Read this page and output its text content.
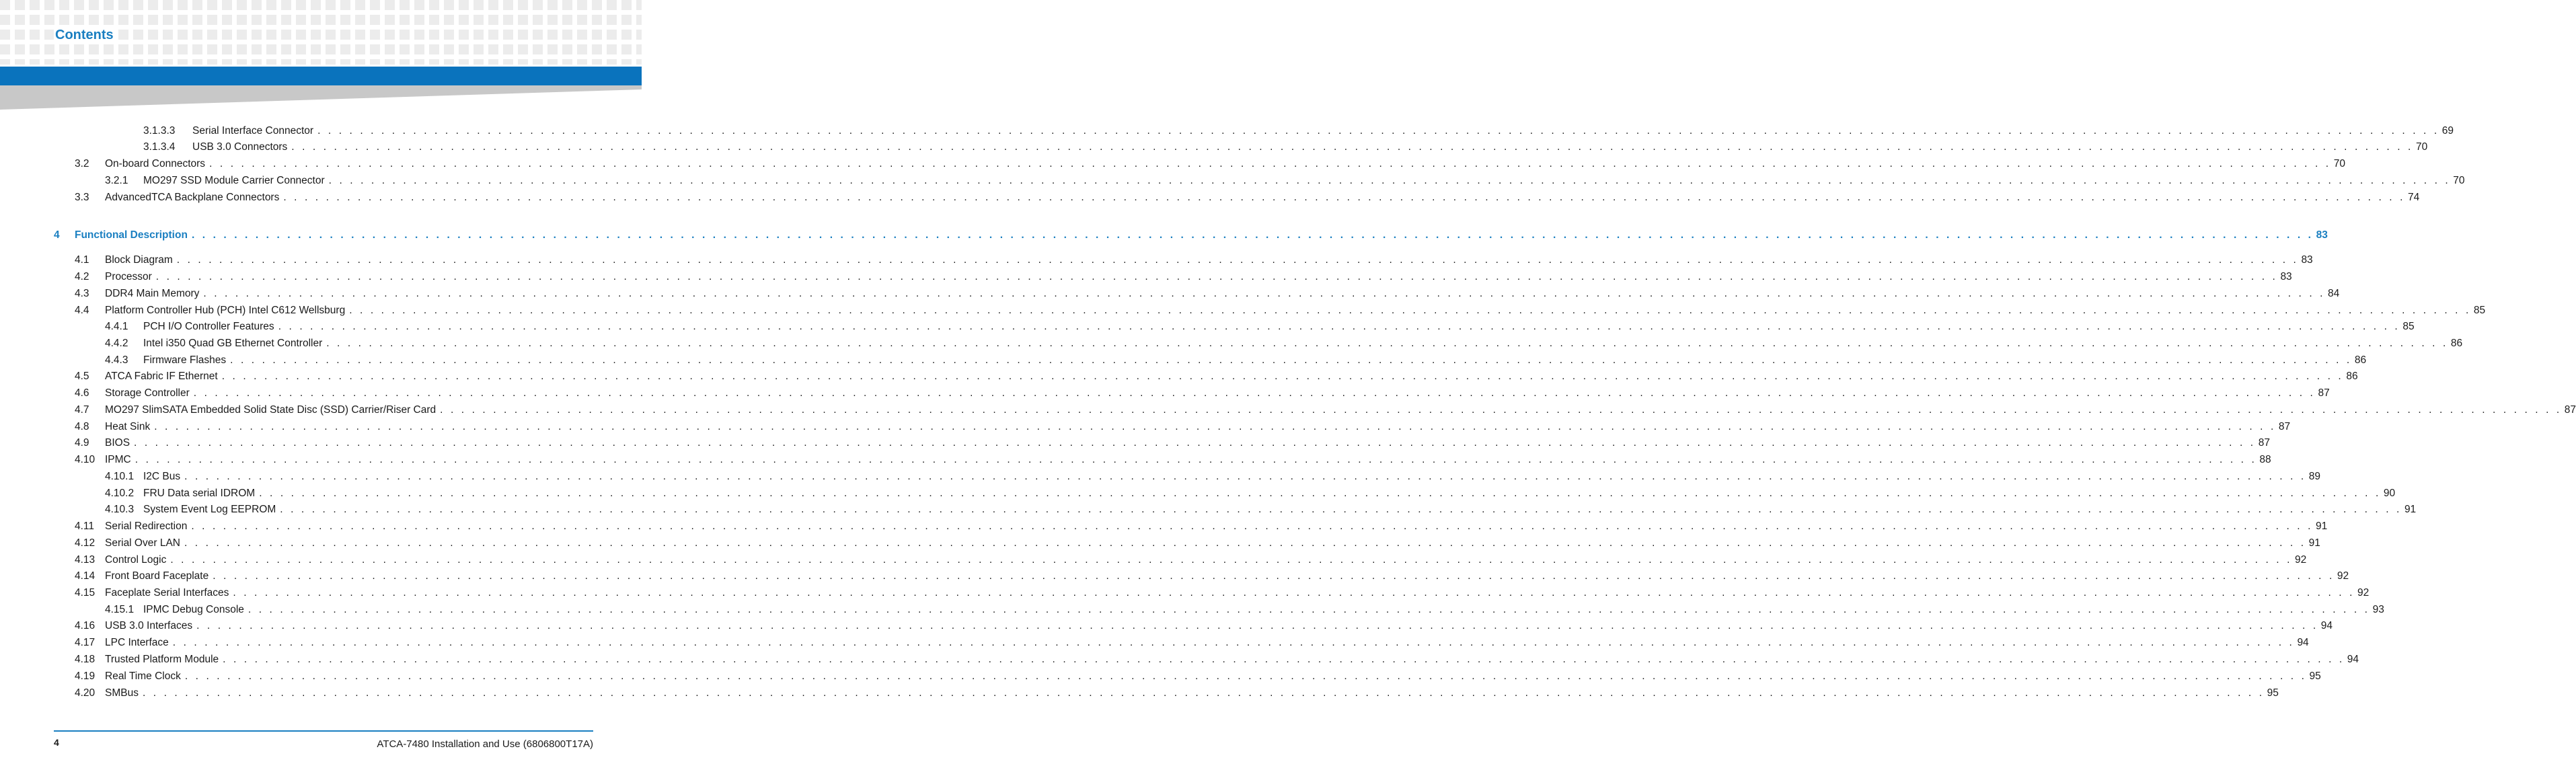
Contents
3.1.3.3 Serial Interface Connector . . . . . . . . . . . . . . . . . . . . . . . . . . . . . . . . . . . . . . . . . . . . . . . . . . . . . . . . . . . . . . . . . . . . . . . . . . . . . . . . . . . . . . . . . . . . . . . . . . . . . . . . . . . . . . . . . . . . . . . . . . . . . . . . . . . . . . . . . . . . . . . . . . . . . . . . . . . . . . . . . . . . . . . . . . . . . . . . . . . . . . . . . . . . . . . . . . . . . . . . 69
3.1.3.4 USB 3.0 Connectors . . . . . . . . . . . . . . . . . . . . . . . . . . . . . . . . . . . . . . . . . . . . . . . . . . . . . . . . . . . . . . . . . . . . . . . . . . . . . . . . . . . . . . . . . . . . . . . . . . . . . . . . . . . . . . . . . . . . . . . . . . . . . . . . . . . . . . . . . . . . . . . . . . . . . . . . . . . . . . . . . . . . . . . . . . . . . . . . . . . . . . . . . . . . . . . . . . . . . . . . 70
3.2 On-board Connectors . . . . . . . . . . . . . . . . . . . . . . . . . . . . . . . . . . . . . . . . . . . . . . . . . . . . . . . . . . . . . . . . . . . . . . . . . . . . . . . . . . . . . . . . . . . . . . . . . . . . . . . . . . . . . . . . . . . . . . . . . . . . . . . . . . . . . . . . . . . . . . . . . . . . . . . . . . . . . . . . . . . . . . . . . . . . . . . . . . . . . . . . . . . . . . . . . . . . . . . . 70
3.2.1 MO297 SSD Module Carrier Connector . . . . . . . . . . . . . . . . . . . . . . . . . . . . . . . . . . . . . . . . . . . . . . . . . . . . . . . . . . . . . . . . . . . . . . . . . . . . . . . . . . . . . . . . . . . . . . . . . . . . . . . . . . . . . . . . . . . . . . . . . . . . . . . . . . . . . . . . . . . . . . . . . . . . . . . . . . . . . . . . . . . . . . . . . . . . . . . . . . . . . . . . . . . . . . . . . . . . . . . . 70
3.3 AdvancedTCA Backplane Connectors . . . . . . . . . . . . . . . . . . . . . . . . . . . . . . . . . . . . . . . . . . . . . . . . . . . . . . . . . . . . . . . . . . . . . . . . . . . . . . . . . . . . . . . . . . . . . . . . . . . . . . . . . . . . . . . . . . . . . . . . . . . . . . . . . . . . . . . . . . . . . . . . . . . . . . . . . . . . . . . . . . . . . . . . . . . . . . . . . . . . . . . . . . . . . . . . . . . . . . . . 74
4 Functional Description . . . . . . . . . . . . . . . . . . . . . . . . . . . . . . . . . . . . . . . . . . . . . . . . . . . . . . . . . . . . . . . . . . . . . . . . . . . . . . . . . . . . . . . . . . . . . . . . . . . . . . . . . . . . . . . . . . . . . . . . . . . . . . . . . . . . . . . . . . . . . . . . . . . . . . . . . . . . . . . . . . . . . . . . . . . . . . . . . . . . . . . . . . . . . . . . . . . . . . . . 83
4.1 Block Diagram . . . . . . . . . . . . . . . . . . . . . . . . . . . . . . . . . . . . . . . . . . . . . . . . . . . . . . . . . . . . . . . . . . . . . . . . . . . . . . . . . . . . . . . . . . . . . . . . . . . . . . . . . . . . . . . . . . . . . . . . . . . . . . . . . . . . . . . . . . . . . . . . . . . . . . . . . . . . . . . . . . . . . . . . . . . . . . . . . . . . . . . . . . . . . . . . . . . . . . . . 83
4.2 Processor . . . . . . . . . . . . . . . . . . . . . . . . . . . . . . . . . . . . . . . . . . . . . . . . . . . . . . . . . . . . . . . . . . . . . . . . . . . . . . . . . . . . . . . . . . . . . . . . . . . . . . . . . . . . . . . . . . . . . . . . . . . . . . . . . . . . . . . . . . . . . . . . . . . . . . . . . . . . . . . . . . . . . . . . . . . . . . . . . . . . . . . . . . . . . . . . . . . . . . . . 83
4.3 DDR4 Main Memory . . . . . . . . . . . . . . . . . . . . . . . . . . . . . . . . . . . . . . . . . . . . . . . . . . . . . . . . . . . . . . . . . . . . . . . . . . . . . . . . . . . . . . . . . . . . . . . . . . . . . . . . . . . . . . . . . . . . . . . . . . . . . . . . . . . . . . . . . . . . . . . . . . . . . . . . . . . . . . . . . . . . . . . . . . . . . . . . . . . . . . . . . . . . . . . . . . . . . . . . 84
4.4 Platform Controller Hub (PCH) Intel C612 Wellsburg . . . . . . . . . . . . . . . . . . . . . . . . . . . . . . . . . . . . . . . . . . . . . . . . . . . . . . . . . . . . . . . . . . . . . . . . . . . . . . . . . . . . . . . . . . . . . . . . . . . . . . . . . . . . . . . . . . . . . . . . . . . . . . . . . . . . . . . . . . . . . . . . . . . . . . . . . . . . . . . . . . . . . . . . . . . . . . . . . . . . . . . . . . . . . . . . . . . . . . . . 85
4.4.1 PCH I/O Controller Features . . . . . . . . . . . . . . . . . . . . . . . . . . . . . . . . . . . . . . . . . . . . . . . . . . . . . . . . . . . . . . . . . . . . . . . . . . . . . . . . . . . . . . . . . . . . . . . . . . . . . . . . . . . . . . . . . . . . . . . . . . . . . . . . . . . . . . . . . . . . . . . . . . . . . . . . . . . . . . . . . . . . . . . . . . . . . . . . . . . . . . . . . . . . . . . . . . . . . . . . 85
4.4.2 Intel i350 Quad GB Ethernet Controller . . . . . . . . . . . . . . . . . . . . . . . . . . . . . . . . . . . . . . . . . . . . . . . . . . . . . . . . . . . . . . . . . . . . . . . . . . . . . . . . . . . . . . . . . . . . . . . . . . . . . . . . . . . . . . . . . . . . . . . . . . . . . . . . . . . . . . . . . . . . . . . . . . . . . . . . . . . . . . . . . . . . . . . . . . . . . . . . . . . . . . . . . . . . . . . . . . . . . . . . 86
4.4.3 Firmware Flashes . . . . . . . . . . . . . . . . . . . . . . . . . . . . . . . . . . . . . . . . . . . . . . . . . . . . . . . . . . . . . . . . . . . . . . . . . . . . . . . . . . . . . . . . . . . . . . . . . . . . . . . . . . . . . . . . . . . . . . . . . . . . . . . . . . . . . . . . . . . . . . . . . . . . . . . . . . . . . . . . . . . . . . . . . . . . . . . . . . . . . . . . . . . . . . . . . . . . . . . . 86
4.5 ATCA Fabric IF Ethernet . . . . . . . . . . . . . . . . . . . . . . . . . . . . . . . . . . . . . . . . . . . . . . . . . . . . . . . . . . . . . . . . . . . . . . . . . . . . . . . . . . . . . . . . . . . . . . . . . . . . . . . . . . . . . . . . . . . . . . . . . . . . . . . . . . . . . . . . . . . . . . . . . . . . . . . . . . . . . . . . . . . . . . . . . . . . . . . . . . . . . . . . . . . . . . . . . . . . . . . . 86
4.6 Storage Controller . . . . . . . . . . . . . . . . . . . . . . . . . . . . . . . . . . . . . . . . . . . . . . . . . . . . . . . . . . . . . . . . . . . . . . . . . . . . . . . . . . . . . . . . . . . . . . . . . . . . . . . . . . . . . . . . . . . . . . . . . . . . . . . . . . . . . . . . . . . . . . . . . . . . . . . . . . . . . . . . . . . . . . . . . . . . . . . . . . . . . . . . . . . . . . . . . . . . . . . . 87
4.7 MO297 SlimSATA Embedded Solid State Disc (SSD) Carrier/Riser Card . . . . . . . . . . . . . . . . . . . . . . . . . . . . . . . . . . . . . . . . . . . . . . . . . . . . . . . . . . . . . . . . . . . . . . . . . . . . . . . . . . . . . . . . . . . . . . . . . . . . . . . . . . . . . . . . . . . . . . . . . . . . . . . . . . . . . . . . . . . . . . . . . . . . . . . . . . . . . . . . . . . . . . . . . . . . . . . . . . . . . . . . . . . . . . . . . . . . . . . . 87
4.8 Heat Sink . . . . . . . . . . . . . . . . . . . . . . . . . . . . . . . . . . . . . . . . . . . . . . . . . . . . . . . . . . . . . . . . . . . . . . . . . . . . . . . . . . . . . . . . . . . . . . . . . . . . . . . . . . . . . . . . . . . . . . . . . . . . . . . . . . . . . . . . . . . . . . . . . . . . . . . . . . . . . . . . . . . . . . . . . . . . . . . . . . . . . . . . . . . . . . . . . . . . . . . . 87
4.9 BIOS . . . . . . . . . . . . . . . . . . . . . . . . . . . . . . . . . . . . . . . . . . . . . . . . . . . . . . . . . . . . . . . . . . . . . . . . . . . . . . . . . . . . . . . . . . . . . . . . . . . . . . . . . . . . . . . . . . . . . . . . . . . . . . . . . . . . . . . . . . . . . . . . . . . . . . . . . . . . . . . . . . . . . . . . . . . . . . . . . . . . . . . . . . . . . . . . . . . . . . . . 87
4.10 IPMC . . . . . . . . . . . . . . . . . . . . . . . . . . . . . . . . . . . . . . . . . . . . . . . . . . . . . . . . . . . . . . . . . . . . . . . . . . . . . . . . . . . . . . . . . . . . . . . . . . . . . . . . . . . . . . . . . . . . . . . . . . . . . . . . . . . . . . . . . . . . . . . . . . . . . . . . . . . . . . . . . . . . . . . . . . . . . . . . . . . . . . . . . . . . . . . . . . . . . . . . 88
4.10.1 I2C Bus . . . . . . . . . . . . . . . . . . . . . . . . . . . . . . . . . . . . . . . . . . . . . . . . . . . . . . . . . . . . . . . . . . . . . . . . . . . . . . . . . . . . . . . . . . . . . . . . . . . . . . . . . . . . . . . . . . . . . . . . . . . . . . . . . . . . . . . . . . . . . . . . . . . . . . . . . . . . . . . . . . . . . . . . . . . . . . . . . . . . . . . . . . . . . . . . . . . . . . . . 89
4.10.2 FRU Data serial IDROM . . . . . . . . . . . . . . . . . . . . . . . . . . . . . . . . . . . . . . . . . . . . . . . . . . . . . . . . . . . . . . . . . . . . . . . . . . . . . . . . . . . . . . . . . . . . . . . . . . . . . . . . . . . . . . . . . . . . . . . . . . . . . . . . . . . . . . . . . . . . . . . . . . . . . . . . . . . . . . . . . . . . . . . . . . . . . . . . . . . . . . . . . . . . . . . . . . . . . . . . 90
4.10.3 System Event Log EEPROM . . . . . . . . . . . . . . . . . . . . . . . . . . . . . . . . . . . . . . . . . . . . . . . . . . . . . . . . . . . . . . . . . . . . . . . . . . . . . . . . . . . . . . . . . . . . . . . . . . . . . . . . . . . . . . . . . . . . . . . . . . . . . . . . . . . . . . . . . . . . . . . . . . . . . . . . . . . . . . . . . . . . . . . . . . . . . . . . . . . . . . . . . . . . . . . . . . . . . . . . 91
4.11 Serial Redirection . . . . . . . . . . . . . . . . . . . . . . . . . . . . . . . . . . . . . . . . . . . . . . . . . . . . . . . . . . . . . . . . . . . . . . . . . . . . . . . . . . . . . . . . . . . . . . . . . . . . . . . . . . . . . . . . . . . . . . . . . . . . . . . . . . . . . . . . . . . . . . . . . . . . . . . . . . . . . . . . . . . . . . . . . . . . . . . . . . . . . . . . . . . . . . . . . . . . . . . . 91
4.12 Serial Over LAN . . . . . . . . . . . . . . . . . . . . . . . . . . . . . . . . . . . . . . . . . . . . . . . . . . . . . . . . . . . . . . . . . . . . . . . . . . . . . . . . . . . . . . . . . . . . . . . . . . . . . . . . . . . . . . . . . . . . . . . . . . . . . . . . . . . . . . . . . . . . . . . . . . . . . . . . . . . . . . . . . . . . . . . . . . . . . . . . . . . . . . . . . . . . . . . . . . . . . . . . 91
4.13 Control Logic . . . . . . . . . . . . . . . . . . . . . . . . . . . . . . . . . . . . . . . . . . . . . . . . . . . . . . . . . . . . . . . . . . . . . . . . . . . . . . . . . . . . . . . . . . . . . . . . . . . . . . . . . . . . . . . . . . . . . . . . . . . . . . . . . . . . . . . . . . . . . . . . . . . . . . . . . . . . . . . . . . . . . . . . . . . . . . . . . . . . . . . . . . . . . . . . . . . . . . . . 92
4.14 Front Board Faceplate . . . . . . . . . . . . . . . . . . . . . . . . . . . . . . . . . . . . . . . . . . . . . . . . . . . . . . . . . . . . . . . . . . . . . . . . . . . . . . . . . . . . . . . . . . . . . . . . . . . . . . . . . . . . . . . . . . . . . . . . . . . . . . . . . . . . . . . . . . . . . . . . . . . . . . . . . . . . . . . . . . . . . . . . . . . . . . . . . . . . . . . . . . . . . . . . . . . . . . . . 92
4.15 Faceplate Serial Interfaces . . . . . . . . . . . . . . . . . . . . . . . . . . . . . . . . . . . . . . . . . . . . . . . . . . . . . . . . . . . . . . . . . . . . . . . . . . . . . . . . . . . . . . . . . . . . . . . . . . . . . . . . . . . . . . . . . . . . . . . . . . . . . . . . . . . . . . . . . . . . . . . . . . . . . . . . . . . . . . . . . . . . . . . . . . . . . . . . . . . . . . . . . . . . . . . . . . . . . . . . 92
4.15.1 IPMC Debug Console . . . . . . . . . . . . . . . . . . . . . . . . . . . . . . . . . . . . . . . . . . . . . . . . . . . . . . . . . . . . . . . . . . . . . . . . . . . . . . . . . . . . . . . . . . . . . . . . . . . . . . . . . . . . . . . . . . . . . . . . . . . . . . . . . . . . . . . . . . . . . . . . . . . . . . . . . . . . . . . . . . . . . . . . . . . . . . . . . . . . . . . . . . . . . . . . . . . . . . . . 93
4.16 USB 3.0 Interfaces . . . . . . . . . . . . . . . . . . . . . . . . . . . . . . . . . . . . . . . . . . . . . . . . . . . . . . . . . . . . . . . . . . . . . . . . . . . . . . . . . . . . . . . . . . . . . . . . . . . . . . . . . . . . . . . . . . . . . . . . . . . . . . . . . . . . . . . . . . . . . . . . . . . . . . . . . . . . . . . . . . . . . . . . . . . . . . . . . . . . . . . . . . . . . . . . . . . . . . . . 94
4.17 LPC Interface . . . . . . . . . . . . . . . . . . . . . . . . . . . . . . . . . . . . . . . . . . . . . . . . . . . . . . . . . . . . . . . . . . . . . . . . . . . . . . . . . . . . . . . . . . . . . . . . . . . . . . . . . . . . . . . . . . . . . . . . . . . . . . . . . . . . . . . . . . . . . . . . . . . . . . . . . . . . . . . . . . . . . . . . . . . . . . . . . . . . . . . . . . . . . . . . . . . . . . . . 94
4.18 Trusted Platform Module . . . . . . . . . . . . . . . . . . . . . . . . . . . . . . . . . . . . . . . . . . . . . . . . . . . . . . . . . . . . . . . . . . . . . . . . . . . . . . . . . . . . . . . . . . . . . . . . . . . . . . . . . . . . . . . . . . . . . . . . . . . . . . . . . . . . . . . . . . . . . . . . . . . . . . . . . . . . . . . . . . . . . . . . . . . . . . . . . . . . . . . . . . . . . . . . . . . . . . . . 94
4.19 Real Time Clock . . . . . . . . . . . . . . . . . . . . . . . . . . . . . . . . . . . . . . . . . . . . . . . . . . . . . . . . . . . . . . . . . . . . . . . . . . . . . . . . . . . . . . . . . . . . . . . . . . . . . . . . . . . . . . . . . . . . . . . . . . . . . . . . . . . . . . . . . . . . . . . . . . . . . . . . . . . . . . . . . . . . . . . . . . . . . . . . . . . . . . . . . . . . . . . . . . . . . . . . 95
4.20 SMBus . . . . . . . . . . . . . . . . . . . . . . . . . . . . . . . . . . . . . . . . . . . . . . . . . . . . . . . . . . . . . . . . . . . . . . . . . . . . . . . . . . . . . . . . . . . . . . . . . . . . . . . . . . . . . . . . . . . . . . . . . . . . . . . . . . . . . . . . . . . . . . . . . . . . . . . . . . . . . . . . . . . . . . . . . . . . . . . . . . . . . . . . . . . . . . . . . . . . . . . . 95
4	ATCA-7480 Installation and Use (6806800T17A)
